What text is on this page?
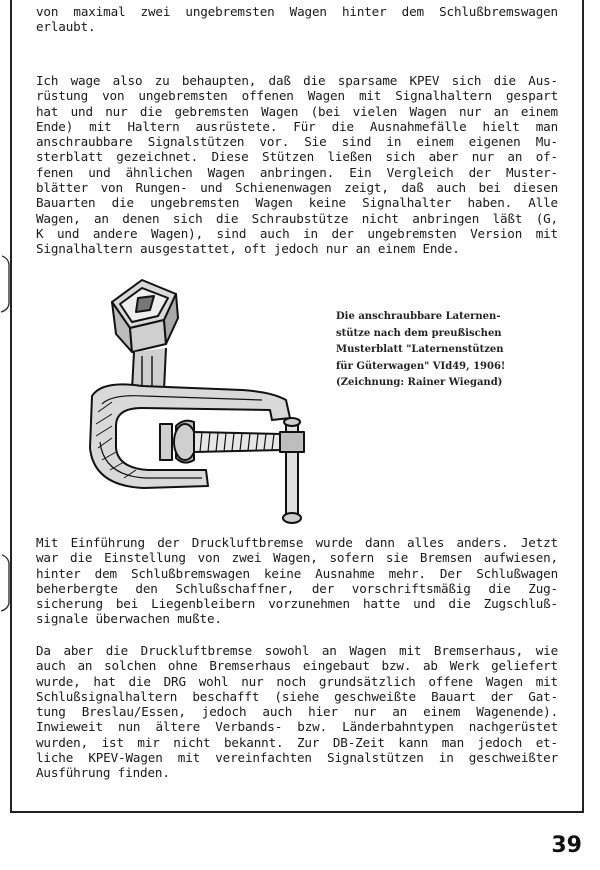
von maximal zwei ungebremsten Wagen hinter dem Schlußbremswagen
erlaubt.
Ich wage also zu behaupten, daß die sparsame KPEV sich die Aus-
rüstung von ungebremsten offenen Wagen mit Signalhaltern gespart
hat und nur die gebremsten Wagen (bei vielen Wagen nur an einem
Ende) mit Haltern ausrüstete. Für die Ausnahmefälle hielt man
anschraubbare Signalstützen vor. Sie sind in einem eigenen Mu-
sterblatt gezeichnet. Diese Stützen ließen sich aber nur an of-
fenen und ähnlichen Wagen anbringen. Ein Vergleich der Muster-
blätter von Rungen- und Schienenwagen zeigt, daß auch bei diesen
Bauarten die ungebremsten Wagen keine Signalhalter haben. Alle
Wagen, an denen sich die Schraubstütze nicht anbringen läßt (G,
K und andere Wagen), sind auch in der ungebremsten Version mit
Signalhaltern ausgestattet, oft jedoch nur an einem Ende.
Die anschraubbare Laternen-
stütze nach dem preußischen
Musterblatt "Laternenstützen
für Güterwagen" VId49, 1906!
(Zeichnung: Rainer Wiegand)
Mit Einführung der Druckluftbremse wurde dann alles anders. Jetzt
war die Einstellung von zwei Wagen, sofern sie Bremsen aufwiesen,
hinter dem Schlußbremswagen keine Ausnahme mehr. Der Schlußwagen
beherbergte den Schlußschaffner, der vorschriftsmäßig die Zug-
sicherung bei Liegenbleibern vorzunehmen hatte und die Zugschluß-
signale überwachen mußte.
Da aber die Druckluftbremse sowohl an Wagen mit Bremserhaus, wie
auch an solchen ohne Bremserhaus eingebaut bzw. ab Werk geliefert
wurde, hat die DRG wohl nur noch grundsätzlich offene Wagen mit
Schlußsignalhaltern beschafft (siehe geschweißte Bauart der Gat-
tung Breslau/Essen, jedoch auch hier nur an einem Wagenende).
Inwieweit nun ältere Verbands- bzw. Länderbahntypen nachgerüstet
wurden, ist mir nicht bekannt. Zur DB-Zeit kann man jedoch et-
liche KPEV-Wagen mit vereinfachten Signalstützen in geschweißter
Ausführung finden.
39
